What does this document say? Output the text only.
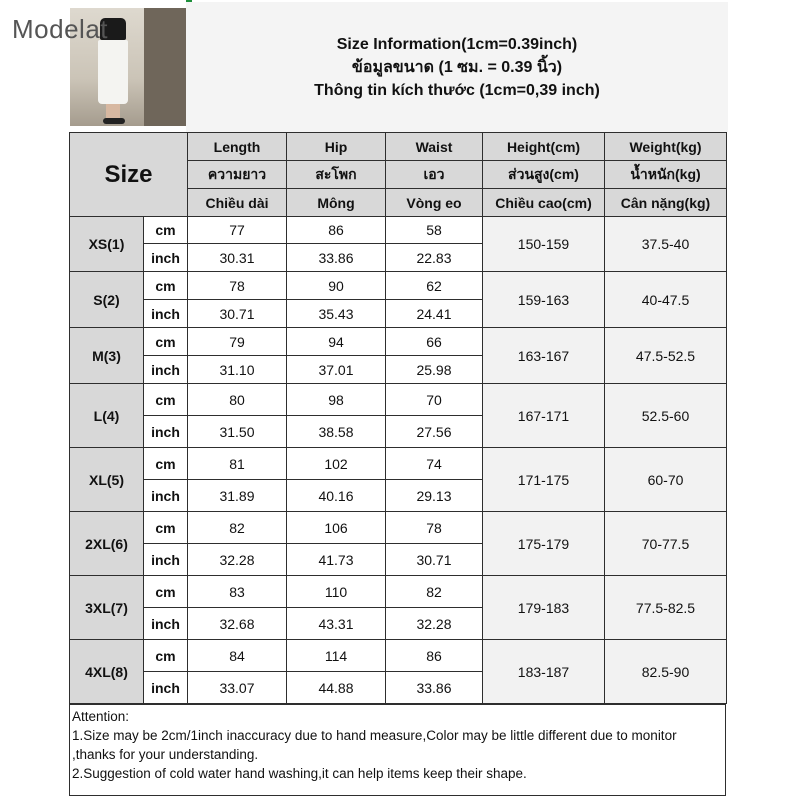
Modelat	Size Information(1cm=0.39inch)
ข้อมูลขนาด (1 ซม. = 0.39 นิ้ว)
Thông tin kích thước (1cm=0,39 inch)
Size		Length	Hip	Waist	Height(cm)	Weight(kg)
		ความยาว	สะโพก	เอว	ส่วนสูง(cm)	น้ำหนัก(kg)
		Chiều dài	Mông	Vòng eo	Chiều cao(cm)	Cân nặng(kg)
XS(1)	cm	77	86	58	150-159	37.5-40
	inch	30.31	33.86	22.83		
S(2)	cm	78	90	62	159-163	40-47.5
	inch	30.71	35.43	24.41		
M(3)	cm	79	94	66	163-167	47.5-52.5
	inch	31.10	37.01	25.98		
L(4)	cm	80	98	70	167-171	52.5-60
	inch	31.50	38.58	27.56		
XL(5)	cm	81	102	74	171-175	60-70
	inch	31.89	40.16	29.13		
2XL(6)	cm	82	106	78	175-179	70-77.5
	inch	32.28	41.73	30.71		
3XL(7)	cm	83	110	82	179-183	77.5-82.5
	inch	32.68	43.31	32.28		
4XL(8)	cm	84	114	86	183-187	82.5-90
	inch	33.07	44.88	33.86		
Attention:
1.Size may be 2cm/1inch inaccuracy due to hand measure,Color may be little different due to monitor
,thanks for your understanding.
2.Suggestion of cold water hand washing,it can help items keep their shape.
